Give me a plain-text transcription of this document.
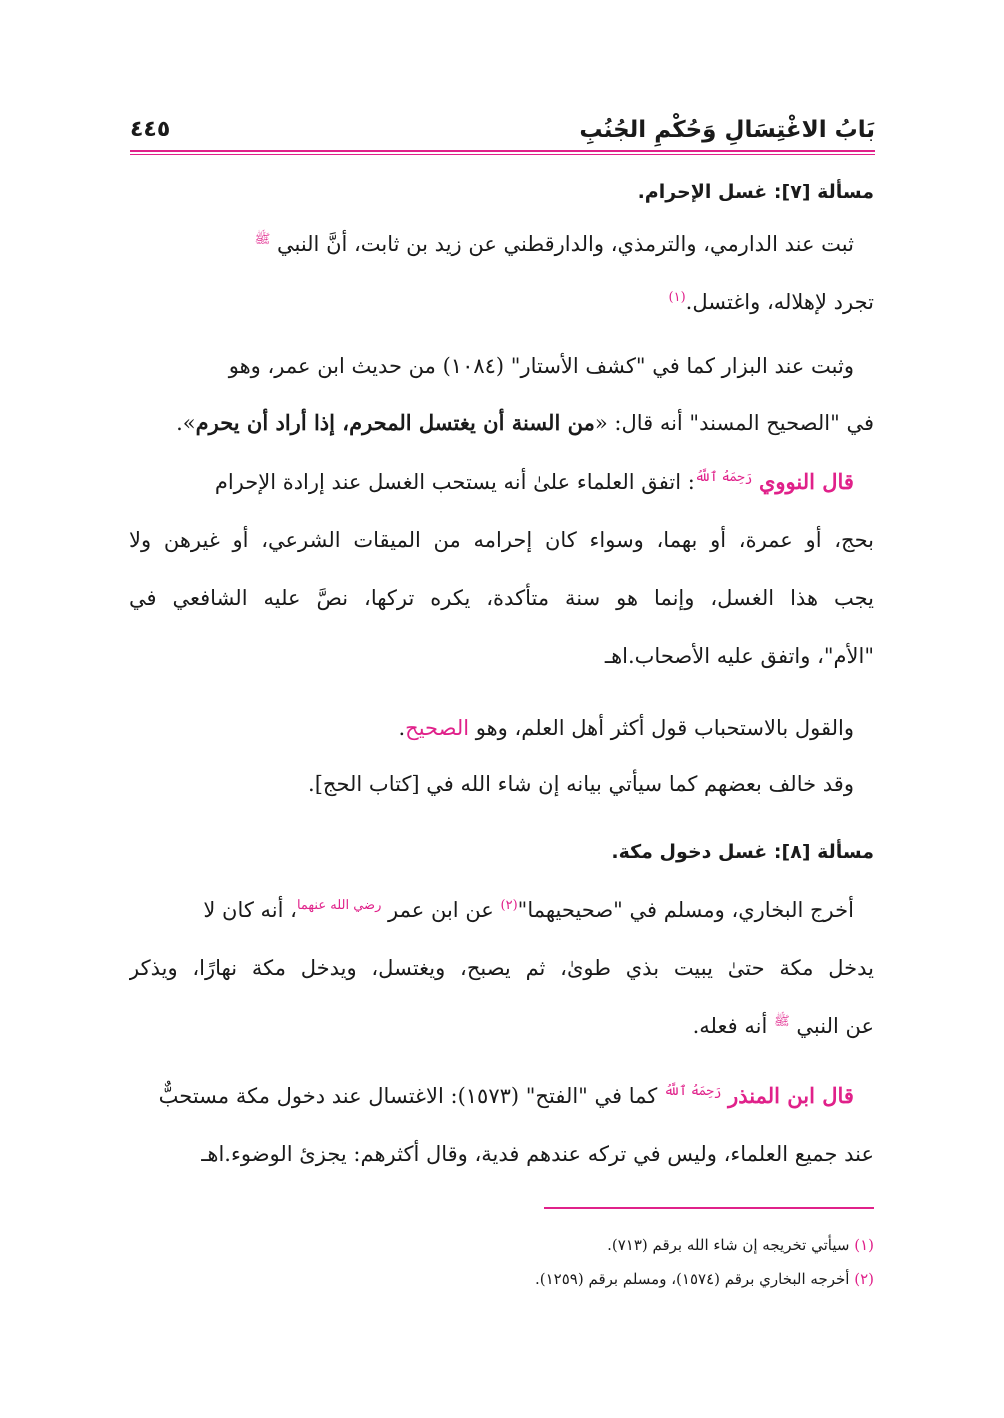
بَابُ الاغْتِسَالِ وَحُكْمِ الجُنُبِ
٤٤٥
مسألة [٧]: غسل الإحرام.
ثبت عند الدارمي، والترمذي، والدارقطني عن زيد بن ثابت، أنَّ النبي $^ﷺ$
تجرد لإهلاله، واغتسل.$^{(١)}$
وثبت عند البزار كما في "كشف الأستار" (١٠٨٤) من حديث ابن عمر، وهو
في "الصحيح المسند" أنه قال: «من السنة أن يغتسل المحرم، إذا أراد أن يحرم».
قال النووي $^{رَحِمَهُ ٱللَّهُ}$: اتفق العلماء علىٰ أنه يستحب الغسل عند إرادة الإحرام
بحج، أو عمرة، أو بهما، وسواء كان إحرامه من الميقات الشرعي، أو غيرهن ولا
يجب هذا الغسل، وإنما هو سنة متأكدة، يكره تركها، نصَّ عليه الشافعي في
"الأم"، واتفق عليه الأصحاب.اهـ
والقول بالاستحباب قول أكثر أهل العلم، وهو الصحيح.
وقد خالف بعضهم كما سيأتي بيانه إن شاء الله في [كتاب الحج].
مسألة [٨]: غسل دخول مكة.
أخرج البخاري، ومسلم في "صحيحيهما"$^{(٢)}$ عن ابن عمر $^{رضي الله عنهما}$، أنه كان لا
يدخل مكة حتىٰ يبيت بذي طوىٰ، ثم يصبح، ويغتسل، ويدخل مكة نهارًا، ويذكر
عن النبي $^ﷺ$ أنه فعله.
قال ابن المنذر $^{رَحِمَهُ ٱللَّهُ}$ كما في "الفتح" (١٥٧٣): الاغتسال عند دخول مكة مستحبٌّ
عند جميع العلماء، وليس في تركه عندهم فدية، وقال أكثرهم: يجزئ الوضوء.اهـ
(١) سيأتي تخريجه إن شاء الله برقم (٧١٣).
(٢) أخرجه البخاري برقم (١٥٧٤)، ومسلم برقم (١٢٥٩).
